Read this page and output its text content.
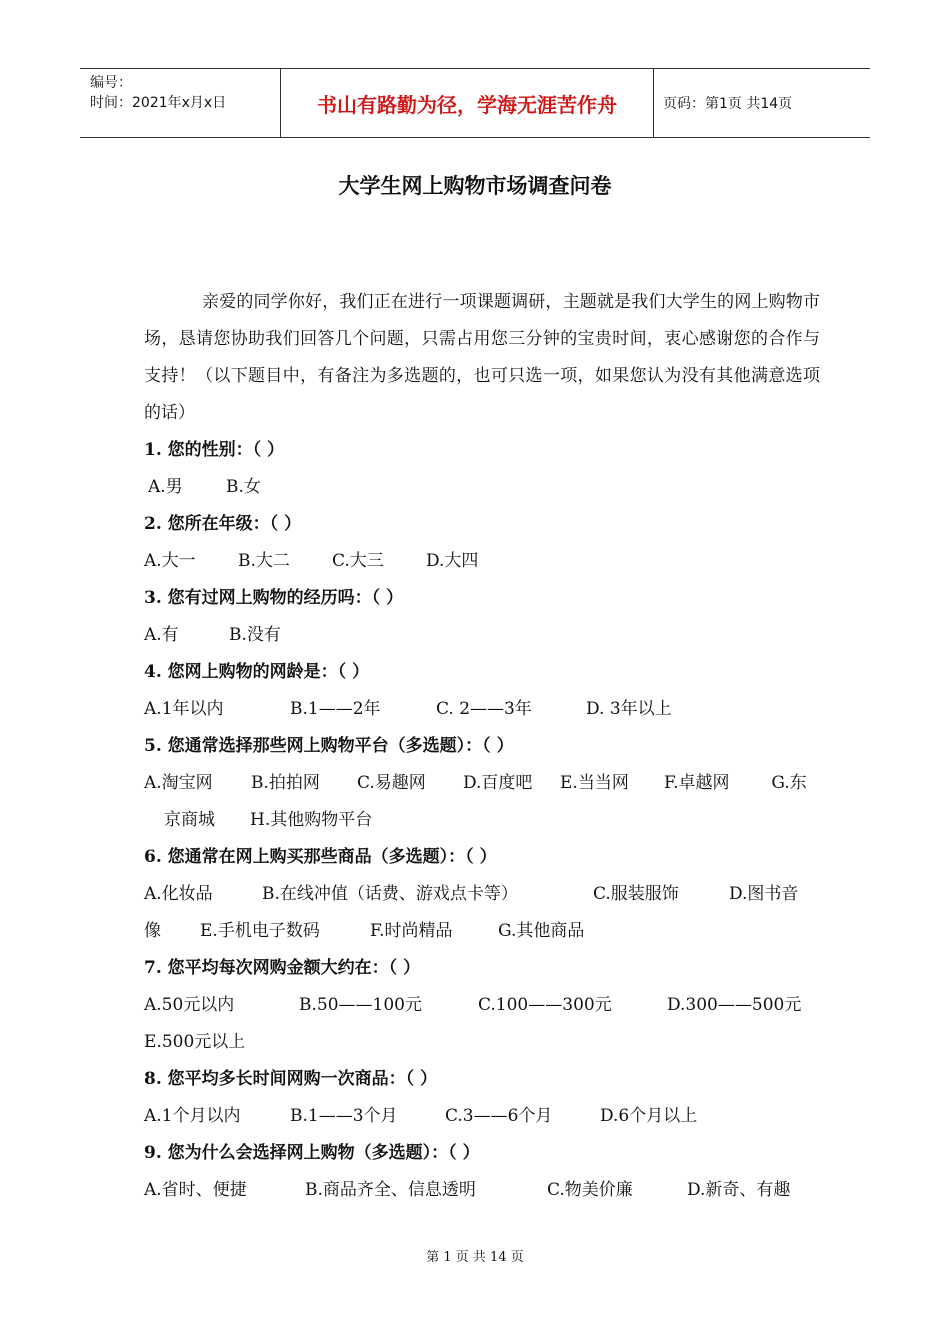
编号：
时间：2021年x月x日	书山有路勤为径，学海无涯苦作舟	页码：第1页 共14页
大学生网上购物市场调查问卷

亲爱的同学你好，我们正在进行一项课题调研，主题就是我们大学生的网上购物市场，恳请您协助我们回答几个问题，只需占用您三分钟的宝贵时间，衷心感谢您的合作与支持！（以下题目中，有备注为多选题的，也可只选一项，如果您认为没有其他满意选项的话）

1. 您的性别：（ ）

A.男	B.女

2. 您所在年级：（ ）

A.大一 B.大二 C.大三 D.大四

3. 您有过网上购物的经历吗：（ ）

A.有	B.没有

4. 您网上购物的网龄是：（ ）

A.1年以内	B.1——2年	C. 2——3年	D. 3年以上

5. 您通常选择那些网上购物平台（多选题）：（ ）

A.淘宝网 B.拍拍网 C.易趣网 D.百度吧 E.当当网 F.卓越网 G.东

京商城 H.其他购物平台

6. 您通常在网上购买那些商品（多选题）：（ ）

A.化妆品	B.在线冲值（话费、游戏点卡等）	C.服装服饰	D.图书音

像 E.手机电子数码	F.时尚精品	G.其他商品

7. 您平均每次网购金额大约在：（ ）

A.50元以内	B.50——100元	C.100——300元	D.300——500元

E.500元以上

8. 您平均多长时间网购一次商品：（ ）

A.1个月以内	B.1——3个月	C.3——6个月	D.6个月以上

9. 您为什么会选择网上购物（多选题）：（ ）

A.省时、便捷	B.商品齐全、信息透明	C.物美价廉	D.新奇、有趣

第 1 页 共 14 页
